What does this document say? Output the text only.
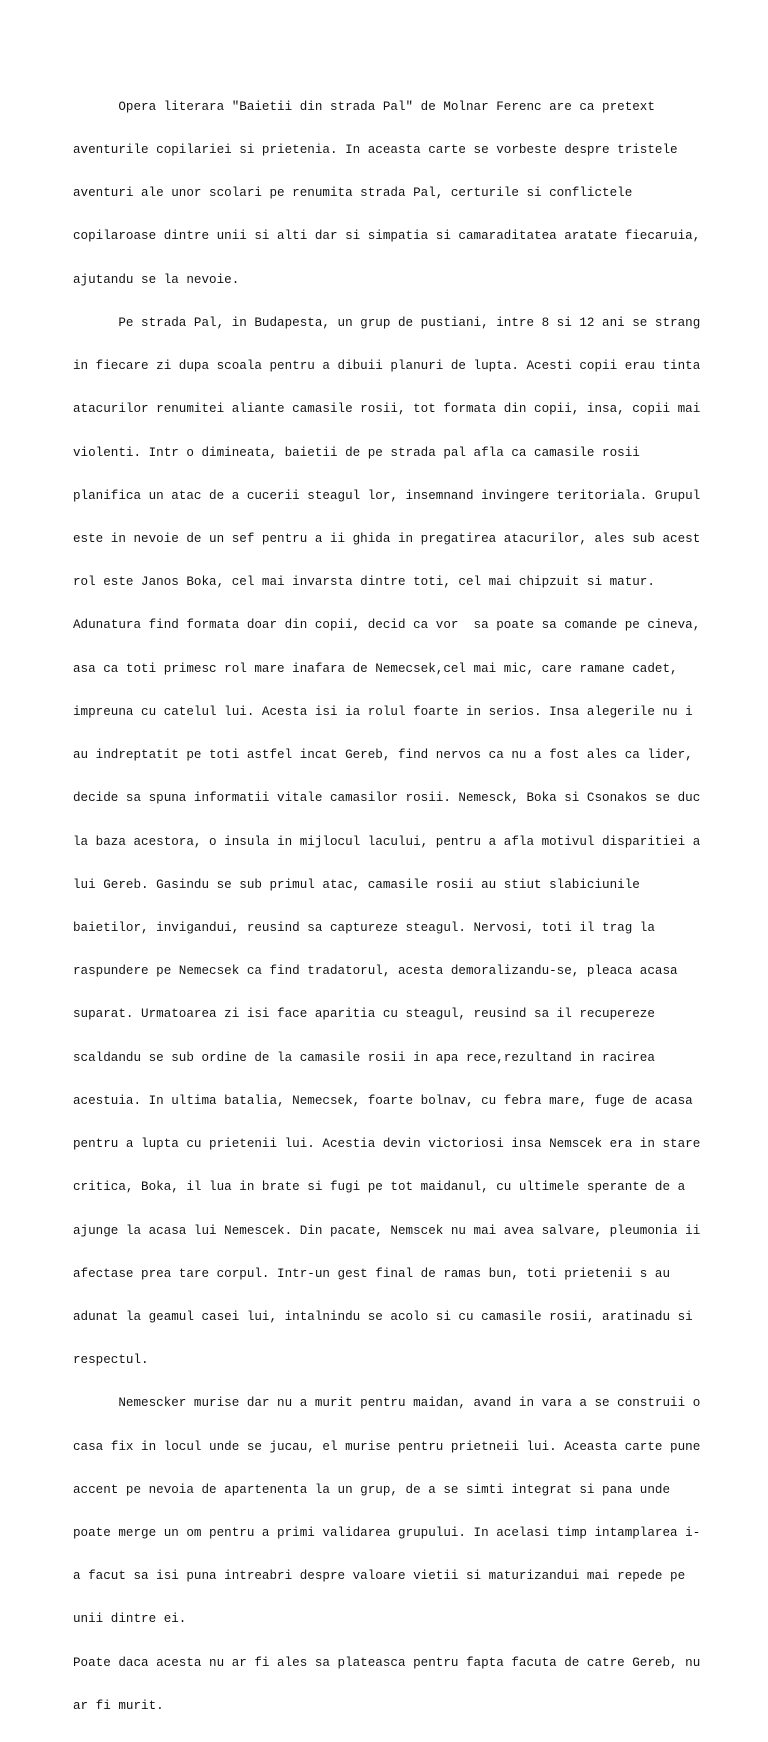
Opera literara "Baietii din strada Pal" de Molnar Ferenc are ca pretext

aventurile copilariei si prietenia. In aceasta carte se vorbeste despre tristele

aventuri ale unor scolari pe renumita strada Pal, certurile si conflictele

copilaroase dintre unii si alti dar si simpatia si camaraditatea aratate fiecaruia,

ajutandu se la nevoie.

Pe strada Pal, in Budapesta, un grup de pustiani, intre 8 si 12 ani se strang

in fiecare zi dupa scoala pentru a dibuii planuri de lupta. Acesti copii erau tinta

atacurilor renumitei aliante camasile rosii, tot formata din copii, insa, copii mai

violenti. Intr o dimineata, baietii de pe strada pal afla ca camasile rosii

planifica un atac de a cucerii steagul lor, insemnand invingere teritoriala. Grupul

este in nevoie de un sef pentru a ii ghida in pregatirea atacurilor, ales sub acest

rol este Janos Boka, cel mai invarsta dintre toti, cel mai chipzuit si matur.

Adunatura find formata doar din copii, decid ca vor  sa poate sa comande pe cineva,

asa ca toti primesc rol mare inafara de Nemecsek,cel mai mic, care ramane cadet,

impreuna cu catelul lui. Acesta isi ia rolul foarte in serios. Insa alegerile nu i

au indreptatit pe toti astfel incat Gereb, find nervos ca nu a fost ales ca lider,

decide sa spuna informatii vitale camasilor rosii. Nemesck, Boka si Csonakos se duc

la baza acestora, o insula in mijlocul lacului, pentru a afla motivul disparitiei a

lui Gereb. Gasindu se sub primul atac, camasile rosii au stiut slabiciunile

baietilor, invigandui, reusind sa captureze steagul. Nervosi, toti il trag la

raspundere pe Nemecsek ca find tradatorul, acesta demoralizandu-se, pleaca acasa

suparat. Urmatoarea zi isi face aparitia cu steagul, reusind sa il recupereze

scaldandu se sub ordine de la camasile rosii in apa rece,rezultand in racirea

acestuia. In ultima batalia, Nemecsek, foarte bolnav, cu febra mare, fuge de acasa

pentru a lupta cu prietenii lui. Acestia devin victoriosi insa Nemscek era in stare

critica, Boka, il lua in brate si fugi pe tot maidanul, cu ultimele sperante de a

ajunge la acasa lui Nemescek. Din pacate, Nemscek nu mai avea salvare, pleumonia ii

afectase prea tare corpul. Intr-un gest final de ramas bun, toti prietenii s au

adunat la geamul casei lui, intalnindu se acolo si cu camasile rosii, aratinadu si

respectul.

Nemescker murise dar nu a murit pentru maidan, avand in vara a se construii o

casa fix in locul unde se jucau, el murise pentru prietneii lui. Aceasta carte pune

accent pe nevoia de apartenenta la un grup, de a se simti integrat si pana unde

poate merge un om pentru a primi validarea grupului. In acelasi timp intamplarea i-

a facut sa isi puna intreabri despre valoare vietii si maturizandui mai repede pe

unii dintre ei.

Poate daca acesta nu ar fi ales sa plateasca pentru fapta facuta de catre Gereb, nu

ar fi murit.
